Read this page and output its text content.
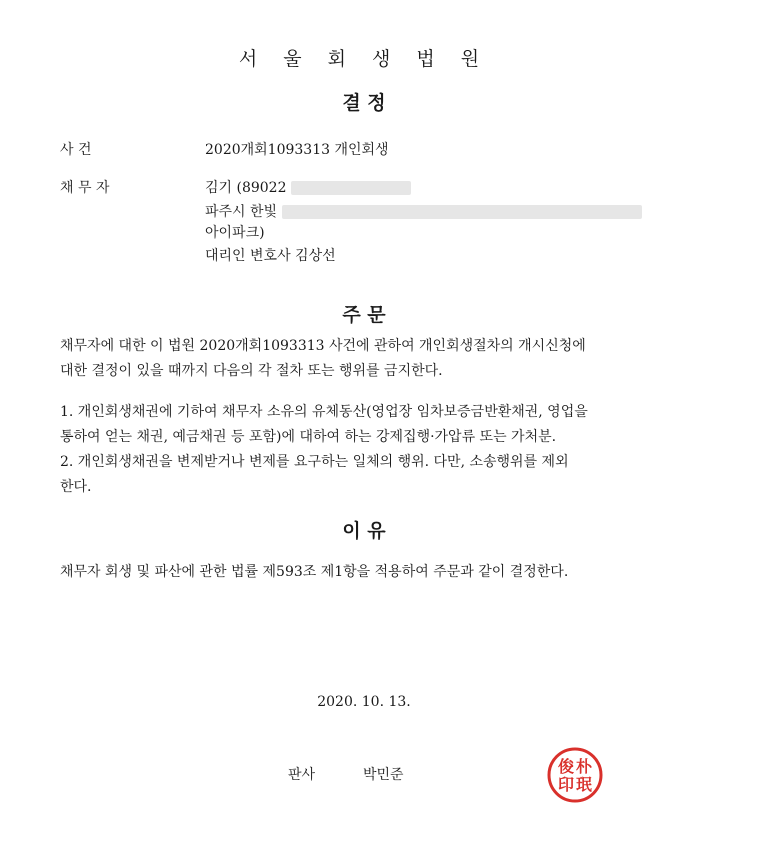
서 울 회 생 법 원
결 정
사 건	2020개회1093313 개인회생
채 무 자	김기 (89022
파주시 한빛
아이파크)
대리인 변호사 김상선
주 문
채무자에 대한 이 법원 2020개회1093313 사건에 관하여 개인회생절차의 개시신청에
대한 결정이 있을 때까지 다음의 각 절차 또는 행위를 금지한다.
1. 개인회생채권에 기하여 채무자 소유의 유체동산(영업장 임차보증금반환채권, 영업을
통하여 얻는 채권, 예금채권 등 포함)에 대하여 하는 강제집행·가압류 또는 가처분.
2. 개인회생채권을 변제받거나 변제를 요구하는 일체의 행위. 다만, 소송행위를 제외
한다.
이 유
채무자 회생 및 파산에 관한 법률 제593조 제1항을 적용하여 주문과 같이 결정한다.
2020. 10. 13.
판사	박민준	朴
珉
俊
印
